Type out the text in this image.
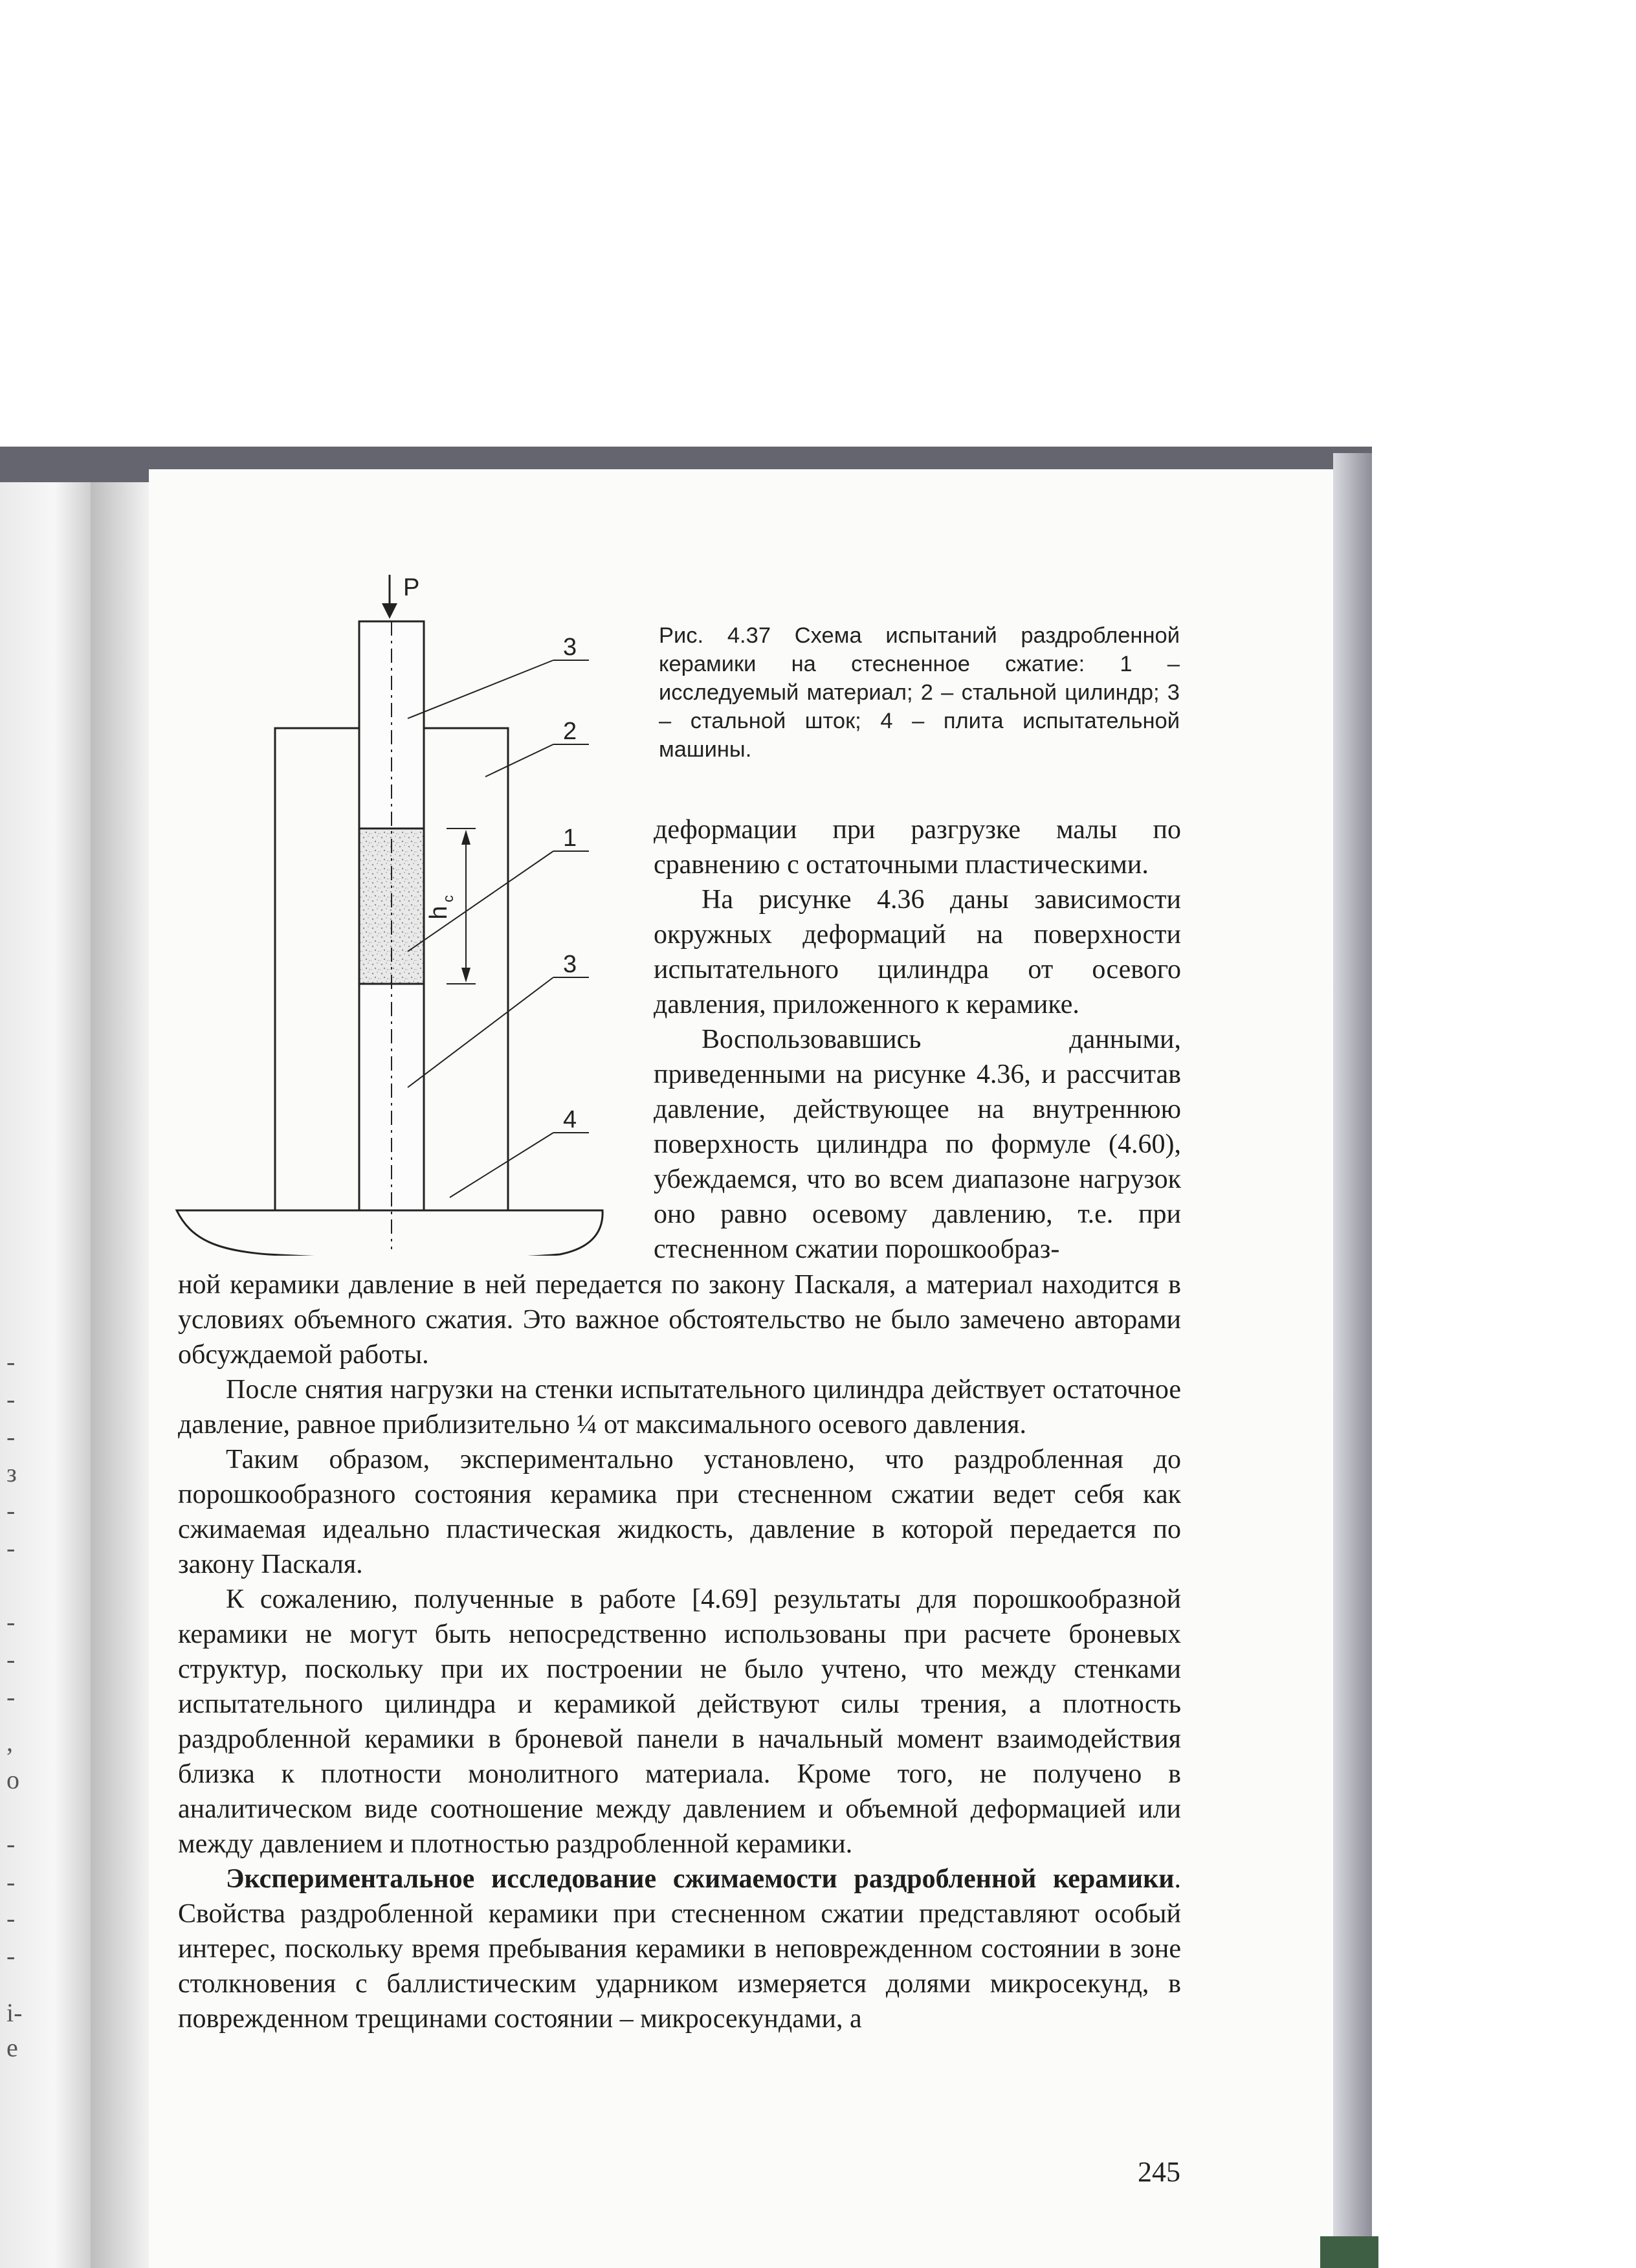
-
-
-
з
-
-
-
-
-
,
о
-
-
-
-
і-
е
P
3
2
1
3
4
h
c
Рис. 4.37 Схема испытаний раздробленной керамики на стесненное сжатие: 1 – исследуемый материал; 2 – стальной цилиндр; 3 – стальной шток; 4 – плита испытательной машины.

деформации при разгрузке малы по сравнению с остаточными пластическими.

На рисунке 4.36 даны зависимости окружных деформаций на поверхности испытательного цилиндра от осевого давления, приложенного к керамике.

Воспользовавшись данными, приведенными на рисунке 4.36, и рассчитав давление, действующее на внутреннюю поверхность цилиндра по формуле (4.60), убеждаемся, что во всем диапазоне нагрузок оно равно осевому давлению, т.е. при стесненном сжатии порошкообраз-

ной керамики давление в ней передается по закону Паскаля, а материал находится в условиях объемного сжатия. Это важное обстоятельство не было замечено авторами обсуждаемой работы.

После снятия нагрузки на стенки испытательного цилиндра действует остаточное давление, равное приблизительно ¼ от максимального осевого давления.

Таким образом, экспериментально установлено, что раздробленная до порошкообразного состояния керамика при стесненном сжатии ведет себя как сжимаемая идеально пластическая жидкость, давление в которой передается по закону Паскаля.

К сожалению, полученные в работе [4.69] результаты для порошкообразной керамики не могут быть непосредственно использованы при расчете броневых структур, поскольку при их построении не было учтено, что между стенками испытательного цилиндра и керамикой действуют силы трения, а плотность раздробленной керамики в броневой панели в начальный момент взаимодействия близка к плотности монолитного материала. Кроме того, не получено в аналитическом виде соотношение между давлением и объемной деформацией или между давлением и плотностью раздробленной керамики.

Экспериментальное исследование сжимаемости раздробленной керамики. Свойства раздробленной керамики при стесненном сжатии представляют особый интерес, поскольку время пребывания керамики в неповрежденном состоянии в зоне столкновения с баллистическим ударником измеряется долями микросекунд, в поврежденном трещинами состоянии – микросекундами, а

245
